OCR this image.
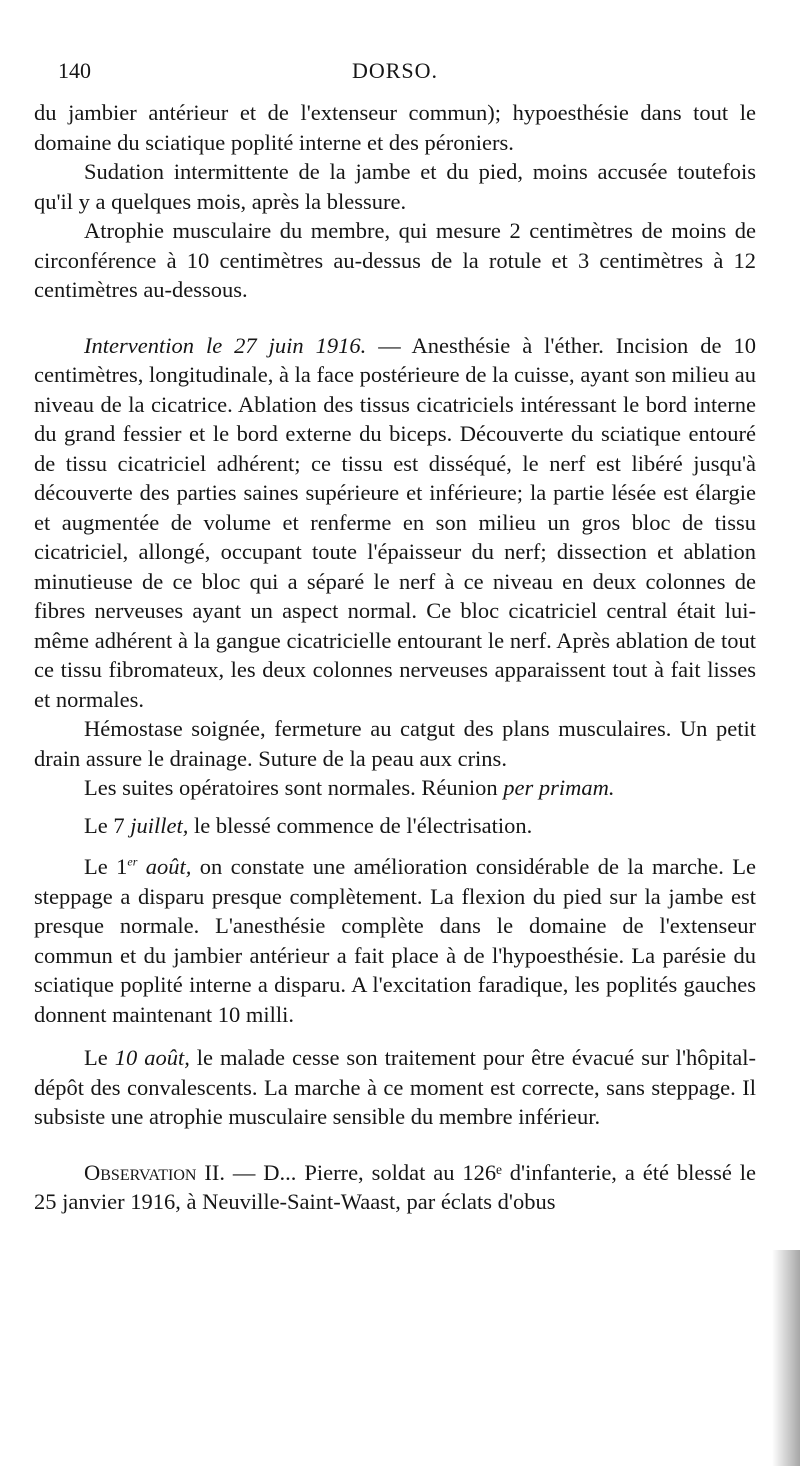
140	DORSO.

du jambier antérieur et de l'extenseur commun); hypoesthésie dans tout le domaine du sciatique poplité interne et des péroniers.

Sudation intermittente de la jambe et du pied, moins accusée toutefois qu'il y a quelques mois, après la blessure.

Atrophie musculaire du membre, qui mesure 2 centimètres de moins de circonférence à 10 centimètres au-dessus de la rotule et 3 centimètres à 12 centimètres au-dessous.

Intervention le 27 juin 1916. — Anesthésie à l'éther. Incision de 10 centimètres, longitudinale, à la face postérieure de la cuisse, ayant son milieu au niveau de la cicatrice. Ablation des tissus cicatriciels intéressant le bord interne du grand fessier et le bord externe du biceps. Découverte du sciatique entouré de tissu cicatriciel adhérent; ce tissu est disséqué, le nerf est libéré jusqu'à découverte des parties saines supérieure et inférieure; la partie lésée est élargie et augmentée de volume et renferme en son milieu un gros bloc de tissu cicatriciel, allongé, occupant toute l'épaisseur du nerf; dissection et ablation minutieuse de ce bloc qui a séparé le nerf à ce niveau en deux colonnes de fibres nerveuses ayant un aspect normal. Ce bloc cicatriciel central était lui-même adhérent à la gangue cicatricielle entourant le nerf. Après ablation de tout ce tissu fibromateux, les deux colonnes nerveuses apparaissent tout à fait lisses et normales.

Hémostase soignée, fermeture au catgut des plans musculaires. Un petit drain assure le drainage. Suture de la peau aux crins.

Les suites opératoires sont normales. Réunion per primam.

Le 7 juillet, le blessé commence de l'électrisation.

Le 1er août, on constate une amélioration considérable de la marche. Le steppage a disparu presque complètement. La flexion du pied sur la jambe est presque normale. L'anesthésie complète dans le domaine de l'extenseur commun et du jambier antérieur a fait place à de l'hypoesthésie. La parésie du sciatique poplité interne a disparu. A l'excitation faradique, les poplités gauches donnent maintenant 10 milli.

Le 10 août, le malade cesse son traitement pour être évacué sur l'hôpital-dépôt des convalescents. La marche à ce moment est correcte, sans steppage. Il subsiste une atrophie musculaire sensible du membre inférieur.

Observation II. — D... Pierre, soldat au 126ᵉ d'infanterie, a été blessé le 25 janvier 1916, à Neuville-Saint-Waast, par éclats d'obus
